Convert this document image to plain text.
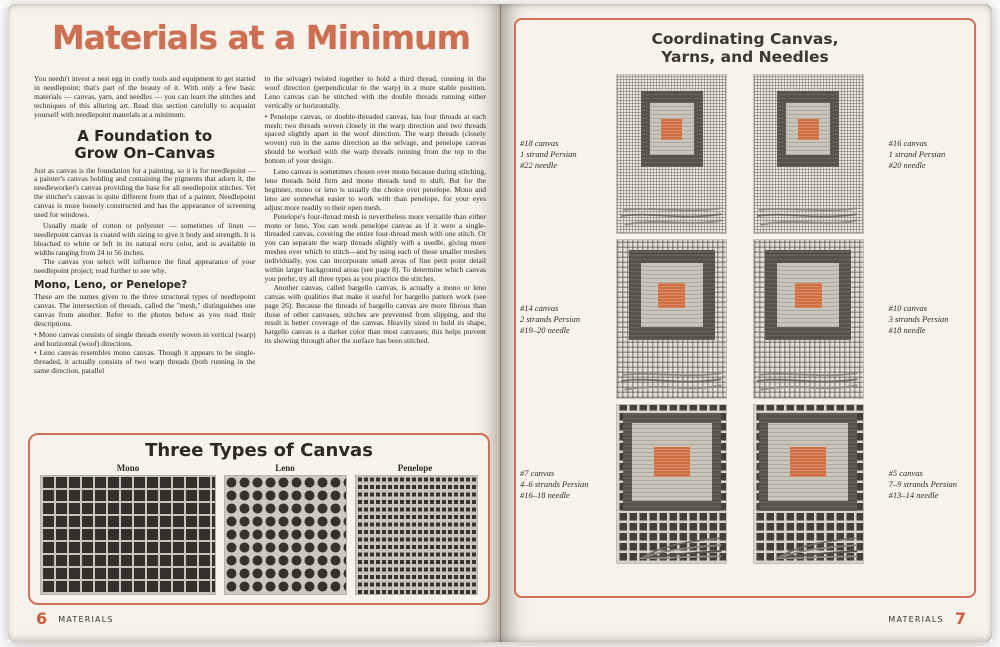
Materials at a Minimum

You needn't invest a nest egg in costly tools and equipment to get started in needlepoint; that's part of the beauty of it. With only a few basic materials — canvas, yarn, and needles — you can learn the stitches and techniques of this alluring art. Read this section carefully to acquaint yourself with needlepoint materials at a minimum.

A Foundation to
Grow On–Canvas

Just as canvas is the foundation for a painting, so it is for needlepoint — a painter's canvas holding and containing the pigments that adorn it, the needleworker's canvas providing the base for all needlepoint stitches. Yet the stitcher's canvas is quite different from that of a painter. Needlepoint canvas is more loosely constructed and has the appearance of screening used for windows.

Usually made of cotton or polyester — sometimes of linen — needlepoint canvas is coated with sizing to give it body and strength. It is bleached to white or left in its natural ecru color, and is available in widths ranging from 24 to 56 inches.

The canvas you select will influence the final appearance of your needlepoint project; read further to see why.

Mono, Leno, or Penelope?

These are the names given to the three structural types of needlepoint canvas. The intersection of threads, called the "mesh," distinguishes one canvas from another. Refer to the photos below as you read their descriptions.

• Mono canvas consists of single threads evenly woven in vertical (warp) and horizontal (woof) directions.

• Leno canvas resembles mono canvas. Though it appears to be single-threaded, it actually consists of two warp threads (both running in the same direction, parallel

to the selvage) twisted together to hold a third thread, running in the woof direction (perpendicular to the warp) in a more stable position. Leno canvas can be stitched with the double threads running either vertically or horizontally.

• Penelope canvas, or double-threaded canvas, has four threads at each mesh: two threads woven closely in the warp direction and two threads spaced slightly apart in the woof direction. The warp threads (closely woven) run in the same direction as the selvage, and penelope canvas should be worked with the warp threads running from the top to the bottom of your design.

Leno canvas is sometimes chosen over mono because during stitching, leno threads hold firm and mono threads tend to shift. But for the beginner, mono or leno is usually the choice over penelope. Mono and leno are somewhat easier to work with than penelope, for your eyes adjust more readily to their open mesh.

Penelope's four-thread mesh is nevertheless more versatile than either mono or leno. You can work penelope canvas as if it were a single-threaded canvas, covering the entire four-thread mesh with one stitch. Or you can separate the warp threads slightly with a needle, giving more meshes over which to stitch—and by using each of these smaller meshes individually, you can incorporate small areas of fine petit point detail within larger background areas (see page 8). To determine which canvas you prefer, try all three types as you practice the stitches.

Another canvas, called bargello canvas, is actually a mono or leno canvas with qualities that make it useful for bargello pattern work (see page 26). Because the threads of bargello canvas are more fibrous than those of other canvases, stitches are prevented from slipping, and the result is better coverage of the canvas. Heavily sized to hold its shape, bargello canvas is a darker color than most canvases; this helps prevent its showing through after the surface has been stitched.

Three Types of Canvas
Mono	Leno	Penelope
6 MATERIALS
Coordinating Canvas,
Yarns, and Needles
#18 canvas
1 strand Persian
#22 needle
#16 canvas
1 strand Persian
#20 needle
#14 canvas
2 strands Persian
#19–20 needle
#10 canvas
3 strands Persian
#18 needle
#7 canvas
4–6 strands Persian
#16–18 needle
#5 canvas
7–9 strands Persian
#13–14 needle
MATERIALS 7
